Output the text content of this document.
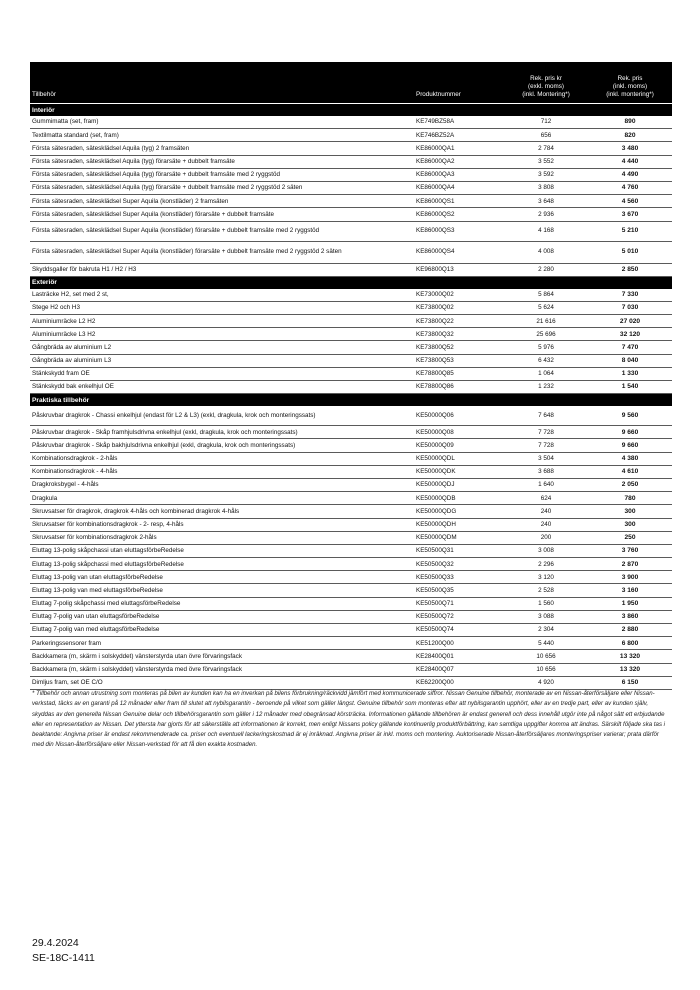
Tillbehör	Produktnummer	Rek. pris kr
(exkl. moms)
(inkl. Montering*)	Rek. pris
(inkl. moms)
(inkl. montering*)
Interiör			
Gummimatta (set, fram)	KE749BZ58A	712	890
Textilmatta standard (set, fram)	KE746BZ52A	656	820
Första sätesraden, sätesklädsel Aquila (tyg) 2 framsäten	KE86000QA1	2 784	3 480
Första sätesraden, sätesklädsel Aquila (tyg) förarsäte + dubbelt framsäte	KE86000QA2	3 552	4 440
Första sätesraden, sätesklädsel Aquila (tyg) förarsäte + dubbelt framsäte med 2 ryggstöd	KE86000QA3	3 592	4 490
Första sätesraden, sätesklädsel Aquila (tyg) förarsäte + dubbelt framsäte med 2 ryggstöd 2 säten	KE86000QA4	3 808	4 760
Första sätesraden, sätesklädsel Super Aquila (konstläder) 2 framsäten	KE86000QS1	3 648	4 560
Första sätesraden, sätesklädsel Super Aquila (konstläder) förarsäte + dubbelt framsäte	KE86000QS2	2 936	3 670
Första sätesraden, sätesklädsel Super Aquila (konstläder) förarsäte + dubbelt framsäte med 2 ryggstöd	KE86000QS3	4 168	5 210
Första sätesraden, sätesklädsel Super Aquila (konstläder) förarsäte + dubbelt framsäte med 2 ryggstöd 2 säten	KE86000QS4	4 008	5 010
Skyddsgaller för bakruta H1 / H2 / H3	KE96800Q13	2 280	2 850
Exteriör			
Lasträcke H2, set med 2 st,	KE73000Q02	5 864	7 330
Stege H2 och H3	KE73800Q02	5 624	7 030
Aluminiumräcke L2 H2	KE73800Q22	21 616	27 020
Aluminiumräcke L3 H2	KE73800Q32	25 696	32 120
Gångbräda av aluminium L2	KE73800Q52	5 976	7 470
Gångbräda av aluminium L3	KE73800Q53	6 432	8 040
Stänkskydd fram OE	KE78800Q85	1 064	1 330
Stänkskydd bak enkelhjul OE	KE78800Q86	1 232	1 540
Praktiska tillbehör			
Påskruvbar dragkrok - Chassi enkelhjul (endast för L2 & L3) (exkl, dragkula, krok och monteringssats)	KE50000Q06	7 648	9 560
Påskruvbar dragkrok - Skåp framhjulsdrivna enkelhjul (exkl, dragkula, krok och monteringssats)	KE50000Q08	7 728	9 660
Påskruvbar dragkrok - Skåp bakhjulsdrivna enkelhjul (exkl, dragkula, krok och monteringssats)	KE50000Q09	7 728	9 660
Kombinationsdragkrok - 2-håls	KE50000QDL	3 504	4 380
Kombinationsdragkrok - 4-håls	KE50000QDK	3 688	4 610
Dragkroksbygel - 4-håls	KE50000QDJ	1 640	2 050
Dragkula	KE50000QDB	624	780
Skruvsatser för dragkrok, dragkrok 4-håls och kombinerad dragkrok 4-håls	KE50000QDG	240	300
Skruvsatser för kombinationsdragkrok - 2- resp, 4-håls	KE50000QDH	240	300
Skruvsatser för kombinationsdragkrok 2-håls	KE50000QDM	200	250
Eluttag 13-polig skåpchassi utan eluttagsförbeRedelse	KE50500Q31	3 008	3 760
Eluttag 13-polig skåpchassi med eluttagsförbeRedelse	KE50500Q32	2 296	2 870
Eluttag 13-polig van utan eluttagsförbeRedelse	KE50500Q33	3 120	3 900
Eluttag 13-polig van med eluttagsförbeRedelse	KE50500Q35	2 528	3 160
Eluttag 7-polig skåpchassi med eluttagsförbeRedelse	KE50500Q71	1 560	1 950
Eluttag 7-polig van utan eluttagsförbeRedelse	KE50500Q72	3 088	3 860
Eluttag 7-polig van med eluttagsförbeRedelse	KE50500Q74	2 304	2 880
Parkeringssensorer fram	KE51200Q00	5 440	6 800
Backkamera (m, skärm i solskyddet) vänsterstyrda utan övre förvaringsfack	KE28400Q01	10 656	13 320
Backkamera (m, skärm i solskyddet) vänsterstyrda med övre förvaringsfack	KE28400Q07	10 656	13 320
Dimljus fram, set OE C/O	KE62200Q00	4 920	6 150
* Tillbehör och annan utrustning som monteras på bilen av kunden kan ha en inverkan på bilens förbrukning/räckvidd jämfört med kommunicerade siffror. Nissan Genuine tillbehör, monterade av en Nissan-återförsäljare eller Nissan-verkstad, täcks av en garanti på 12 månader eller fram till slutet att nybilsgarantin - beroende på vilket som gäller längst. Genuine tillbehör som monteras efter att nybilsgarantin upphört, eller av en tredje part, eller av kunden själv, skyddas av den generella Nissan Genuine delar och tillbehörsgarantin som gäller i 12 månader med obegränsad körsträcka. Informationen gällande tillbehören är endast generell och dess innehåll utgör inte på något sätt ett erbjudande eller en representation av Nissan. Det yttersta har gjorts för att säkerställa att informationen är korrekt, men enligt Nissans policy gällande kontinuerlig produktförbättring, kan samtliga uppgifter komma att ändras. Särskilt följade ska tas i beaktande: Angivna priser är endast rekommenderade ca. priser och eventuell lackeringskostnad är ej inräknad. Angivna priser är inkl. moms och montering. Auktoriserade Nissan-återförsäljares monteringspriser varierar; prata därför med din Nissan-återförsäljare eller Nissan-verkstad för att få den exakta kostnaden.
29.4.2024
SE-18C-1411
